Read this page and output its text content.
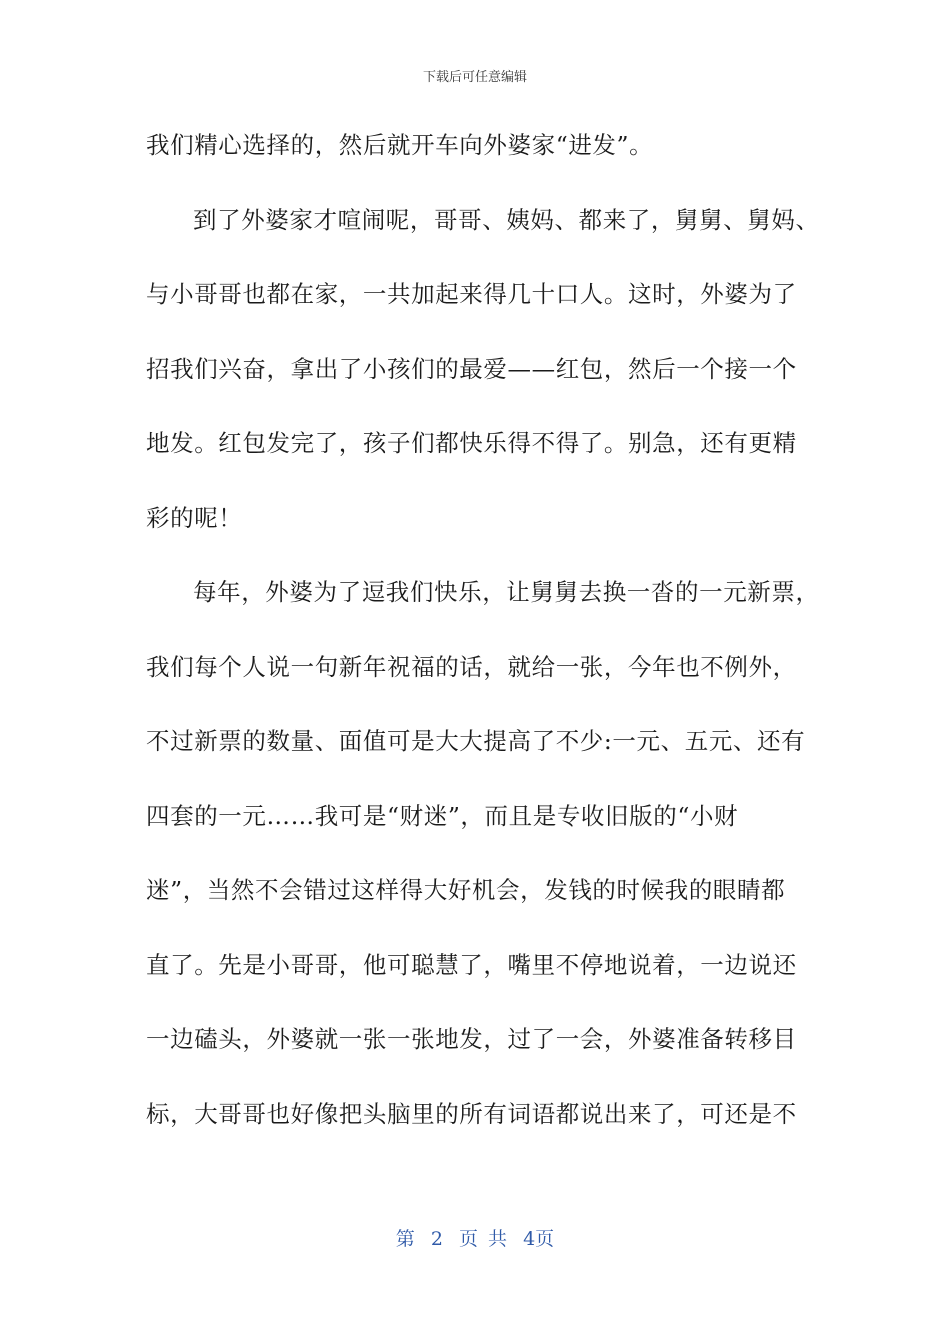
下载后可任意编辑
我们精心选择的，然后就开车向外婆家“进发”。
到了外婆家才喧闹呢，哥哥、姨妈、都来了，舅舅、舅妈、
与小哥哥也都在家，一共加起来得几十口人。这时，外婆为了
招我们兴奋，拿出了小孩们的最爱——红包，然后一个接一个
地发。红包发完了，孩子们都快乐得不得了。别急，还有更精
彩的呢！
每年，外婆为了逗我们快乐，让舅舅去换一沓的一元新票，
我们每个人说一句新年祝福的话，就给一张，今年也不例外，
不过新票的数量、面值可是大大提高了不少:一元、五元、还有
四套的一元……我可是“财迷”，而且是专收旧版的“小财
迷”，当然不会错过这样得大好机会，发钱的时候我的眼睛都
直了。先是小哥哥，他可聪慧了，嘴里不停地说着，一边说还
一边磕头，外婆就一张一张地发，过了一会，外婆准备转移目
标，大哥哥也好像把头脑里的所有词语都说出来了，可还是不
第 2 页 共 4页
